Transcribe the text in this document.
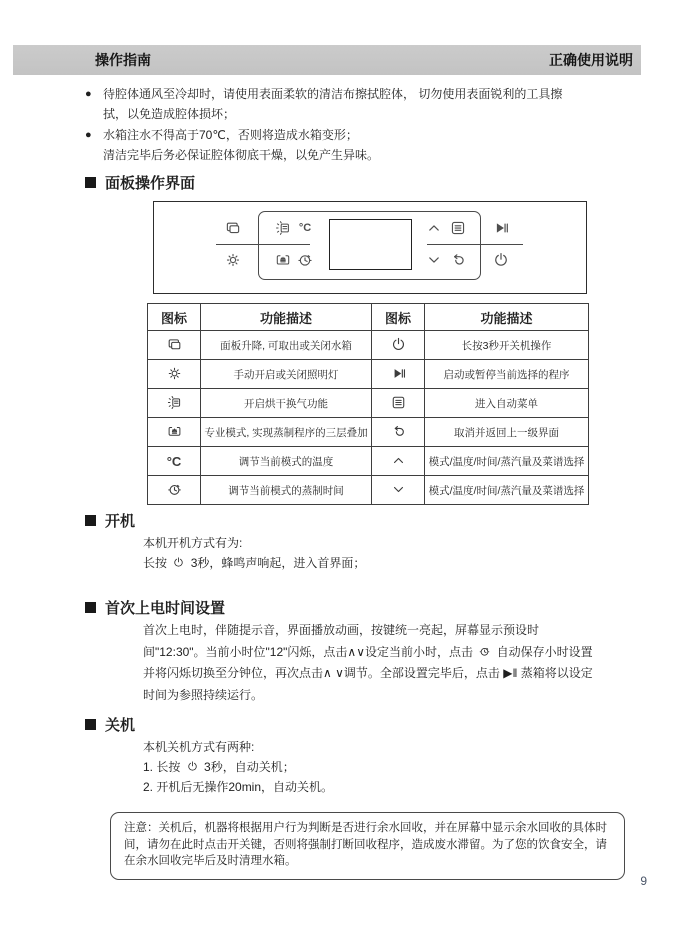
操作指南	正确使用说明
● 待腔体通风至冷却时，请使用表面柔软的清洁布擦拭腔体， 切勿使用表面锐利的工具擦拭，以免造成腔体损坏；
● 水箱注水不得高于70℃，否则将造成水箱变形；
清洁完毕后务必保证腔体彻底干燥，以免产生异味。
面板操作界面
°C
图标	功能描述	图标	功能描述
	面板升降, 可取出或关闭水箱		长按3秒开关机操作
	手动开启或关闭照明灯		启动或暂停当前选择的程序
	开启烘干换气功能		进入自动菜单
	专业模式, 实现蒸制程序的三层叠加		取消并返回上一级界面
°C	调节当前模式的温度		模式/温度/时间/蒸汽量及菜谱选择
	调节当前模式的蒸制时间		模式/温度/时间/蒸汽量及菜谱选择
开机
本机开机方式有为:
长按 3秒，蜂鸣声响起，进入首界面；
首次上电时间设置
首次上电时，伴随提示音，界面播放动画，按键统一亮起，屏幕显示预设时间"12:30"。当前小时位"12"闪烁，点击∧∨设定当前小时，点击 自动保存小时设置并将闪烁切换至分钟位，再次点击∧ ∨调节。全部设置完毕后，点击 ▶‖ 蒸箱将以设定时间为参照持续运行。
关机
本机关机方式有两种:
1. 长按 3秒，自动关机；
2. 开机后无操作20min，自动关机。
注意：关机后，机器将根据用户行为判断是否进行余水回收，并在屏幕中显示余水回收的具体时间，请勿在此时点击开关键，否则将强制打断回收程序，造成废水滞留。为了您的饮食安全，请在余水回收完毕后及时清理水箱。
9
